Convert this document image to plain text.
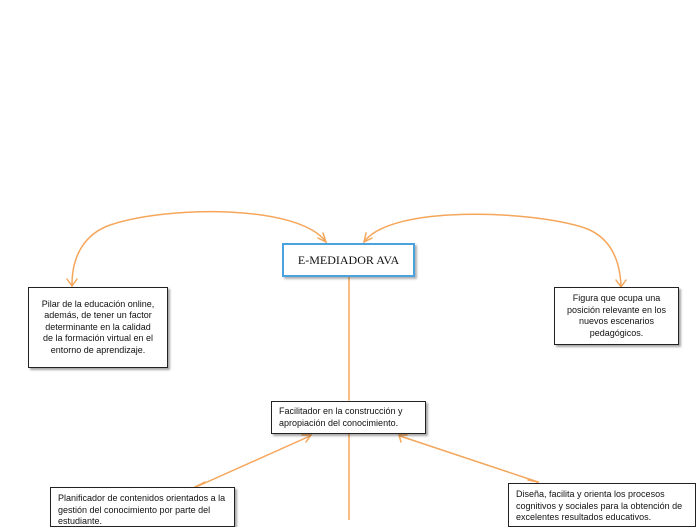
E-MEDIADOR AVA
Pilar de la educación online, además, de tener un factor determinante en la calidad de la formación virtual en el entorno de aprendizaje.
Figura que ocupa una posición relevante en los nuevos escenarios pedagógicos.
Facilitador en la construcción y apropiación del conocimiento.
Planificador de contenidos orientados a la gestión del conocimiento por parte del estudiante.
Diseña, facilita y orienta los procesos cognitivos y sociales para la obtención de excelentes resultados educativos.
